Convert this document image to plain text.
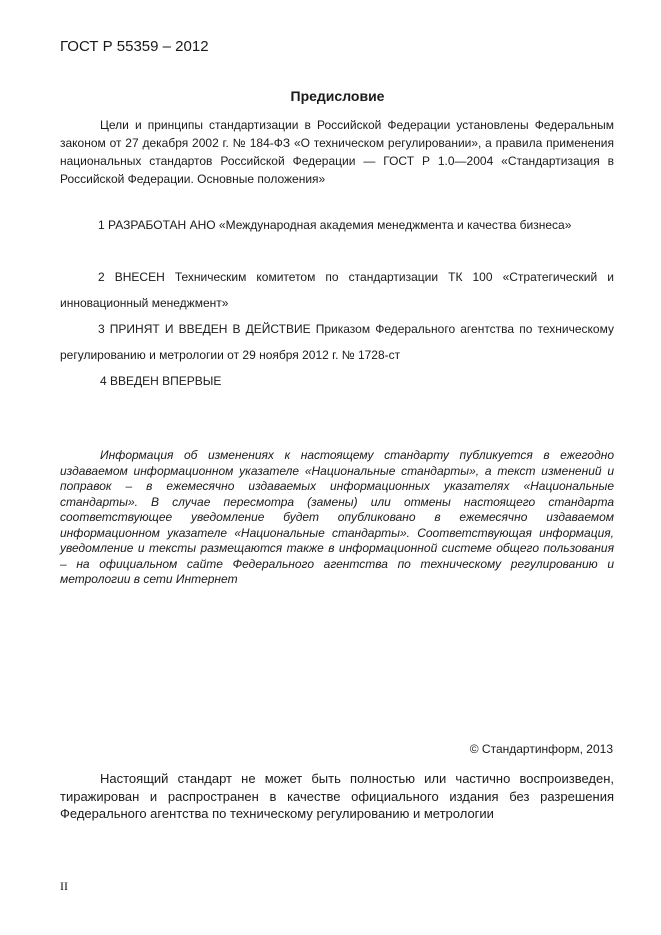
ГОСТ Р 55359 – 2012
Предисловие
Цели и принципы стандартизации в Российской Федерации установлены Федеральным законом от 27 декабря 2002 г. № 184-ФЗ «О техническом регулировании», а правила применения национальных стандартов Российской Федерации — ГОСТ Р 1.0—2004 «Стандартизация в Российской Федерации. Основные положения»
1 РАЗРАБОТАН АНО «Международная академия менеджмента и качества бизнеса»
2 ВНЕСЕН Техническим комитетом по стандартизации ТК 100 «Стратегический и инновационный менеджмент»
3 ПРИНЯТ И ВВЕДЕН В ДЕЙСТВИЕ Приказом Федерального агентства по техническому регулированию и метрологии от 29 ноября 2012 г. № 1728-ст
4 ВВЕДЕН ВПЕРВЫЕ
Информация об изменениях к настоящему стандарту публикуется в ежегодно издаваемом информационном указателе «Национальные стандарты», а текст изменений и поправок – в ежемесячно издаваемых информационных указателях «Национальные стандарты». В случае пересмотра (замены) или отмены настоящего стандарта соответствующее уведомление будет опубликовано в ежемесячно издаваемом информационном указателе «Национальные стандарты». Соответствующая информация, уведомление и тексты размещаются также в информационной системе общего пользования – на официальном сайте Федерального агентства по техническому регулированию и метрологии в сети Интернет
© Стандартинформ, 2013
Настоящий стандарт не может быть полностью или частично воспроизведен, тиражирован и распространен в качестве официального издания без разрешения Федерального агентства по техническому регулированию и метрологии
II
